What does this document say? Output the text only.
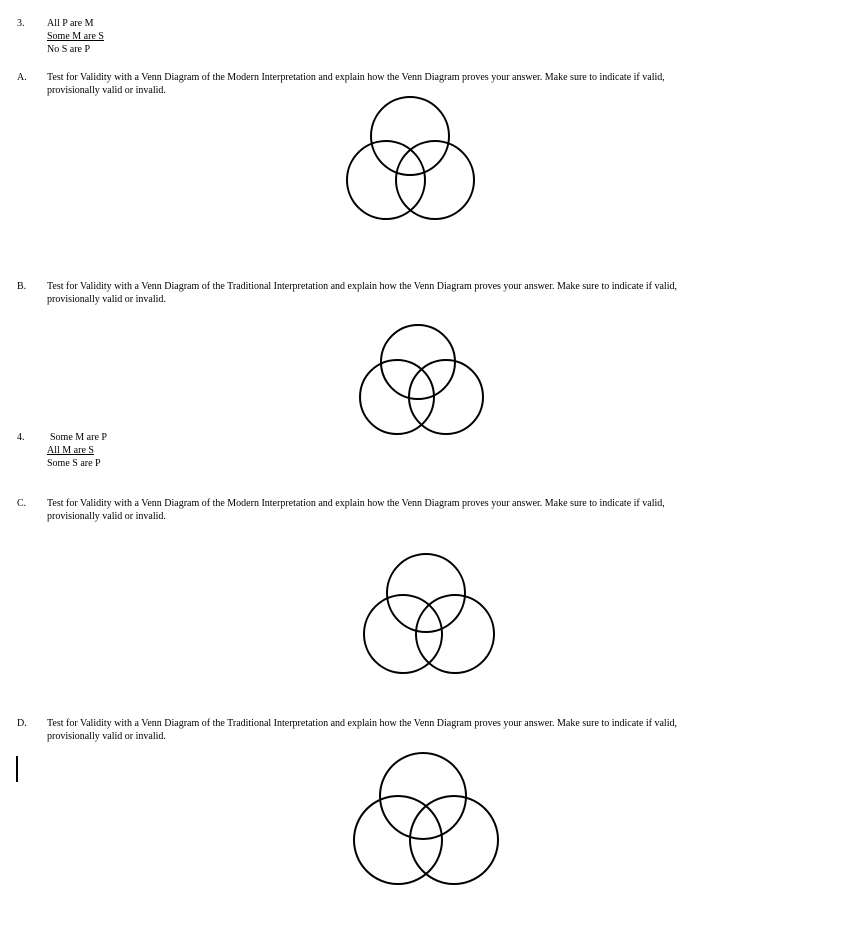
3. All P are M
Some M are S
No S are P
A. Test for Validity with a Venn Diagram of the Modern Interpretation and explain how the Venn Diagram proves your answer. Make sure to indicate if valid,
provisionally valid or invalid.
B. Test for Validity with a Venn Diagram of the Traditional Interpretation and explain how the Venn Diagram proves your answer. Make sure to indicate if valid,
provisionally valid or invalid.
4.	Some M are P
All M are S
Some S are P
C. Test for Validity with a Venn Diagram of the Modern Interpretation and explain how the Venn Diagram proves your answer. Make sure to indicate if valid,
provisionally valid or invalid.
D. Test for Validity with a Venn Diagram of the Traditional Interpretation and explain how the Venn Diagram proves your answer. Make sure to indicate if valid,
provisionally valid or invalid.
